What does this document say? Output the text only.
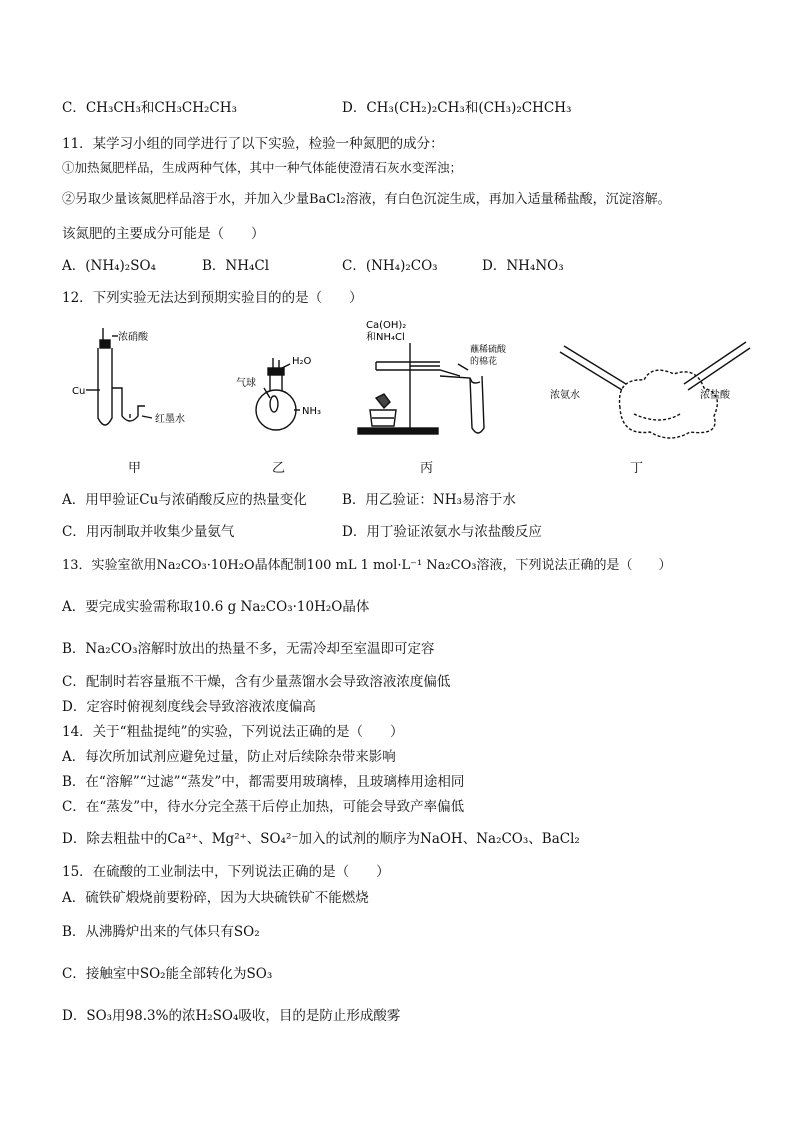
C．CH₃CH₃和CH₃CH₂CH₃	D．CH₃(CH₂)₂CH₃和(CH₃)₂CHCH₃
11．某学习小组的同学进行了以下实验，检验一种氮肥的成分：
①加热氮肥样品，生成两种气体，其中一种气体能使澄清石灰水变浑浊；
②另取少量该氮肥样品溶于水，并加入少量BaCl₂溶液，有白色沉淀生成，再加入适量稀盐酸，沉淀溶解。
该氮肥的主要成分可能是（　　）
A．(NH₄)₂SO₄	B．NH₄Cl	C．(NH₄)₂CO₃	D．NH₄NO₃
12．下列实验无法达到预期实验目的的是（　　）
浓硝酸
Cu
红墨水
气球
H₂O
NH₃
Ca(OH)₂
和NH₄Cl
蘸稀硫酸
的棉花
浓氨水	浓盐酸
甲	乙	丙	丁
A．用甲验证Cu与浓硝酸反应的热量变化	B．用乙验证：NH₃易溶于水
C．用丙制取并收集少量氨气	D．用丁验证浓氨水与浓盐酸反应
13．实验室欲用Na₂CO₃·10H₂O晶体配制100 mL 1 mol·L⁻¹ Na₂CO₃溶液，下列说法正确的是（　　）
A．要完成实验需称取10.6 g Na₂CO₃·10H₂O晶体
B．Na₂CO₃溶解时放出的热量不多，无需冷却至室温即可定容
C．配制时若容量瓶不干燥，含有少量蒸馏水会导致溶液浓度偏低
D．定容时俯视刻度线会导致溶液浓度偏高
14．关于“粗盐提纯”的实验，下列说法正确的是（　　）
A．每次所加试剂应避免过量，防止对后续除杂带来影响
B．在“溶解”“过滤”“蒸发”中，都需要用玻璃棒，且玻璃棒用途相同
C．在“蒸发”中，待水分完全蒸干后停止加热，可能会导致产率偏低
D．除去粗盐中的Ca²⁺、Mg²⁺、SO₄²⁻加入的试剂的顺序为NaOH、Na₂CO₃、BaCl₂
15．在硫酸的工业制法中，下列说法正确的是（　　）
A．硫铁矿煅烧前要粉碎，因为大块硫铁矿不能燃烧
B．从沸腾炉出来的气体只有SO₂
C．接触室中SO₂能全部转化为SO₃
D．SO₃用98.3%的浓H₂SO₄吸收，目的是防止形成酸雾
